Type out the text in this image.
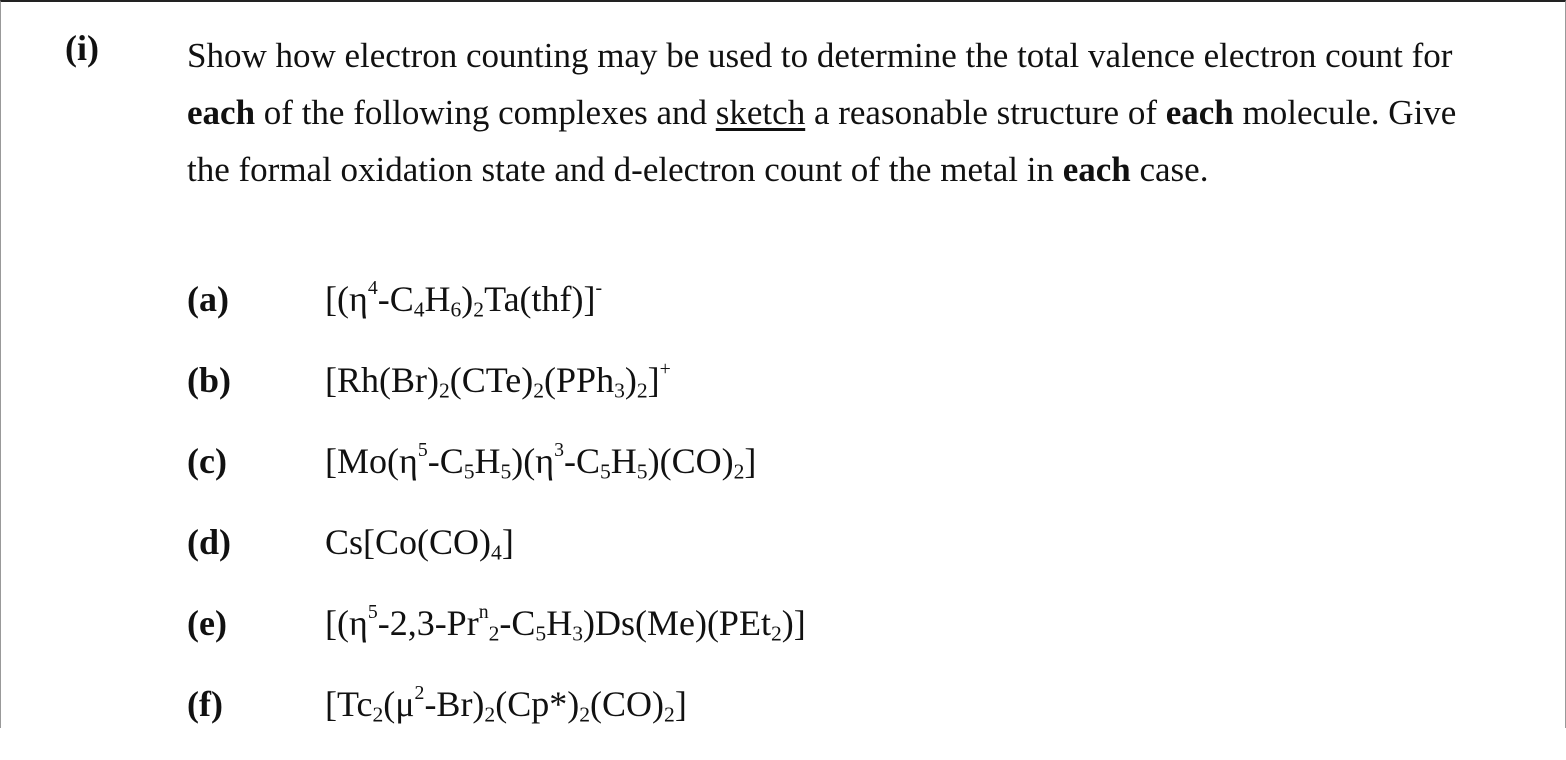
(i)	Show how electron counting may be used to determine the total valence electron count for each of the following complexes and sketch a reasonable structure of each molecule. Give the formal oxidation state and d-electron count of the metal in each case.
(a)	$[(\eta^4-C_4H_6)_2Ta(thf)]^-$
(b)	$[Rh(Br)_2(CTe)_2(PPh_3)_2]^+$
(c)	$[Mo(\eta^5-C_5H_5)(\eta^3-C_5H_5)(CO)_2]$
(d)	$Cs[Co(CO)_4]$
(e)	$[(\eta^5-2,3-Pr^n_2-C_5H_3)Ds(Me)(PEt_2)]$
(f)	$[Tc_2(\mu^2-Br)_2(Cp*)_2(CO)_2]$
